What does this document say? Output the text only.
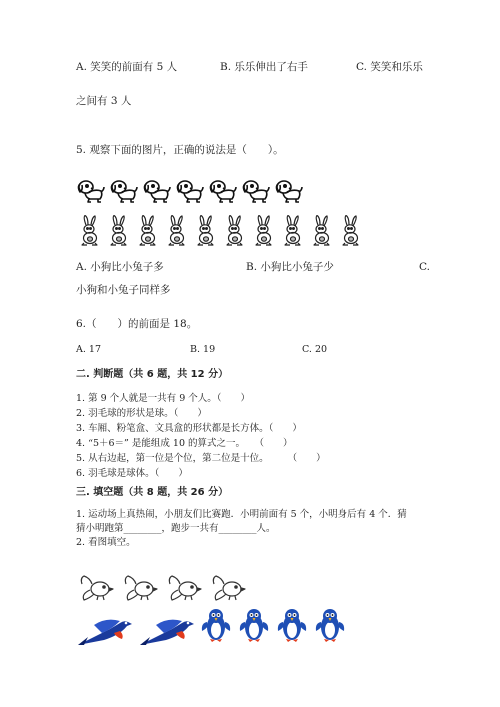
A. 笑笑的前面有 5 人	B. 乐乐伸出了右手	C. 笑笑和乐乐
之间有 3 人
5. 观察下面的图片，正确的说法是（　　）。
A. 小狗比小兔子多	B. 小狗比小兔子少	C.
小狗和小兔子同样多
6.（　　）的前面是 18。
A. 17	B. 19	C. 20
二. 判断题（共 6 题，共 12 分）
1. 第 9 个人就是一共有 9 个人。（　　）
2. 羽毛球的形状是球。（　　）
3. 车厢、粉笔盒、文具盒的形状都是长方体。（　　）
4. “5＋6＝” 是能组成 10 的算式之一。　　（　　）
5. 从右边起，第一位是个位，第二位是十位。　　　（　　）
6. 羽毛球是球体。（　　）
三. 填空题（共 8 题，共 26 分）
1. 运动场上真热闹，小朋友们比赛跑．小明前面有 5 个，小明身后有 4 个．猜
猜小明跑第________，跑步一共有________人。
2. 看图填空。
